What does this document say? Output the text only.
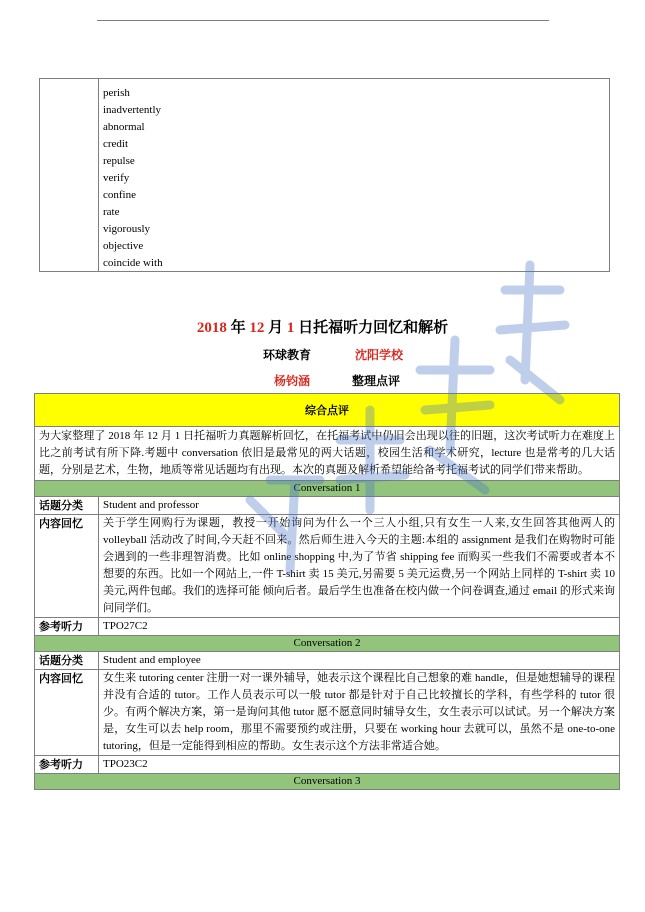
perish
inadvertently
abnormal
credit
repulse
verify
confine
rate
vigorously
objective
coincide with
2018 年 12 月 1 日托福听力回忆和解析
环球教育	沈阳学校
杨钧涵	整理点评
综合点评	
为大家整理了 2018 年 12 月 1 日托福听力真题解析回忆，在托福考试中仍旧会出现以往的旧题，这次考试听力在难度上比之前考试有所下降.考题中 conversation 依旧是最常见的两大话题，校园生活和学术研究，lecture 也是常考的几大话题，分别是艺术，生物，地质等常见话题均有出现。本次的真题及解析希望能给备考托福考试的同学们带来帮助。	
Conversation 1	
话题分类	Student and professor
内容回忆	关于学生网购行为课题，教授一开始询问为什么一个三人小组,只有女生一人来,女生回答其他两人的 volleyball 活动改了时间,今天赶不回来。然后师生进入今天的主题:本组的 assignment 是我们在购物时可能会遇到的一些非理智消费。比如 online shopping 中,为了节省 shipping fee 而购买一些我们不需要或者本不想要的东西。比如一个网站上,一件 T-shirt 卖 15 美元,另需要 5 美元运费,另一个网站上同样的 T-shirt 卖 10 美元,两件包邮。我们的选择可能 倾向后者。最后学生也准备在校内做一个问卷调查,通过 email 的形式来询问同学们。
参考听力	TPO27C2
Conversation 2	
话题分类	Student and employee
内容回忆	女生来 tutoring center 注册一对一课外辅导，她表示这个课程比自己想象的难 handle，但是她想辅导的课程并没有合适的 tutor。工作人员表示可以一般 tutor 都是针对于自己比较擅长的学科，有些学科的 tutor 很少。有两个解决方案，第一是询问其他 tutor 愿不愿意同时辅导女生，女生表示可以试试。另一个解决方案是，女生可以去 help room，那里不需要预约或注册，只要在 working hour 去就可以，虽然不是 one-to-one tutoring，但是一定能得到相应的帮助。女生表示这个方法非常适合她。
参考听力	TPO23C2
Conversation 3	
